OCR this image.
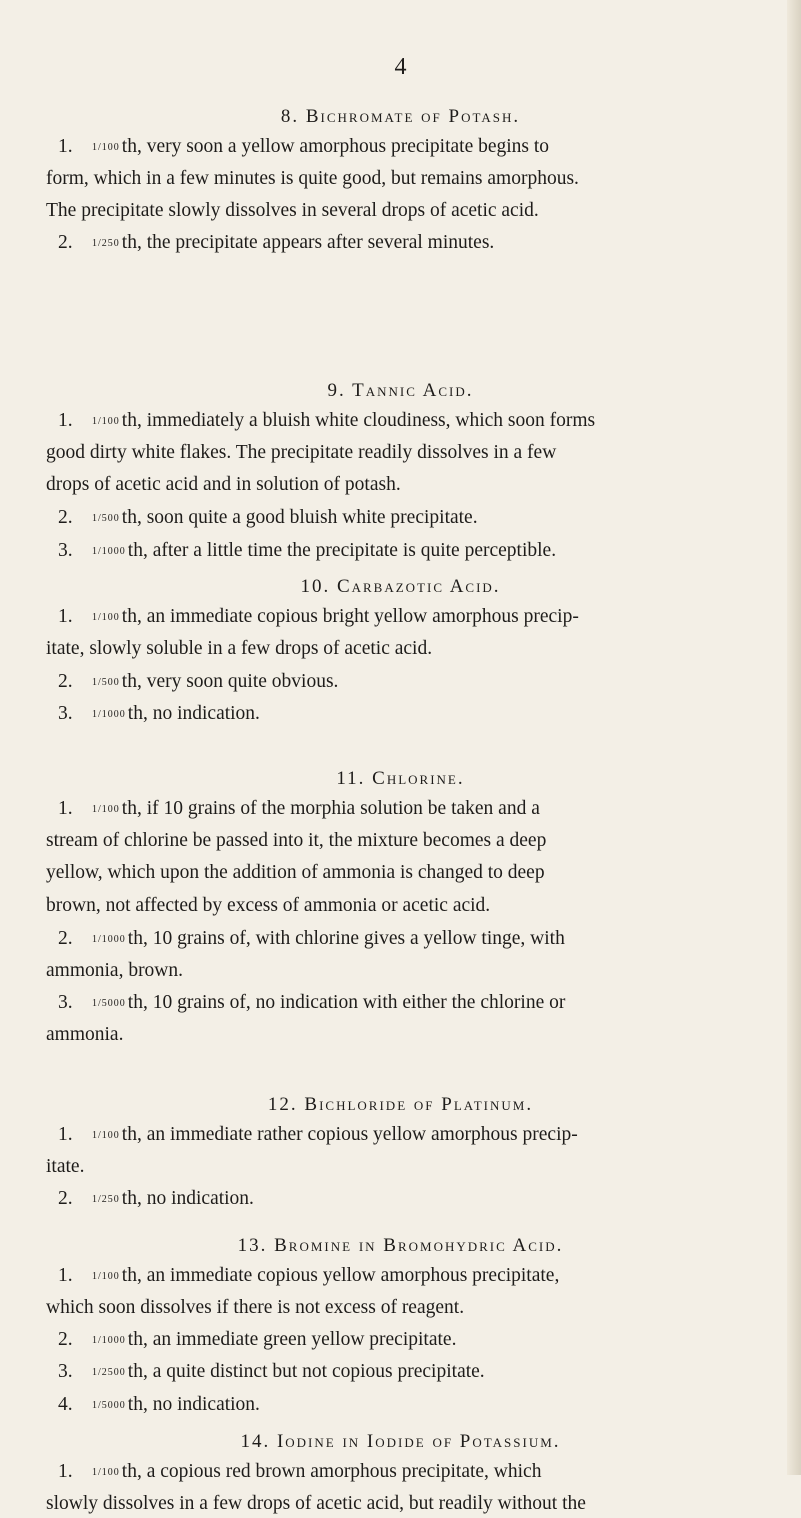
4
8. Bichromate of Potash.
1. 1/100 th, very soon a yellow amorphous precipitate begins to
form, which in a few minutes is quite good, but remains amorphous.
The precipitate slowly dissolves in several drops of acetic acid.
2. 1/250 th, the precipitate appears after several minutes.
9. Tannic Acid.
1. 1/100 th, immediately a bluish white cloudiness, which soon forms
good dirty white flakes. The precipitate readily dissolves in a few
drops of acetic acid and in solution of potash.
2. 1/500 th, soon quite a good bluish white precipitate.
3. 1/1000 th, after a little time the precipitate is quite perceptible.
10. Carbazotic Acid.
1. 1/100 th, an immediate copious bright yellow amorphous precip-
itate, slowly soluble in a few drops of acetic acid.
2. 1/500 th, very soon quite obvious.
3. 1/1000 th, no indication.
11. Chlorine.
1. 1/100 th, if 10 grains of the morphia solution be taken and a
stream of chlorine be passed into it, the mixture becomes a deep
yellow, which upon the addition of ammonia is changed to deep
brown, not affected by excess of ammonia or acetic acid.
2. 1/1000 th, 10 grains of, with chlorine gives a yellow tinge, with
ammonia, brown.
3. 1/5000 th, 10 grains of, no indication with either the chlorine or
ammonia.
12. Bichloride of Platinum.
1. 1/100 th, an immediate rather copious yellow amorphous precip-
itate.
2. 1/250 th, no indication.
13. Bromine in Bromohydric Acid.
1. 1/100 th, an immediate copious yellow amorphous precipitate,
which soon dissolves if there is not excess of reagent.
2. 1/1000 th, an immediate green yellow precipitate.
3. 1/2500 th, a quite distinct but not copious precipitate.
4. 1/5000 th, no indication.
14. Iodine in Iodide of Potassium.
1. 1/100 th, a copious red brown amorphous precipitate, which
slowly dissolves in a few drops of acetic acid, but readily without the
